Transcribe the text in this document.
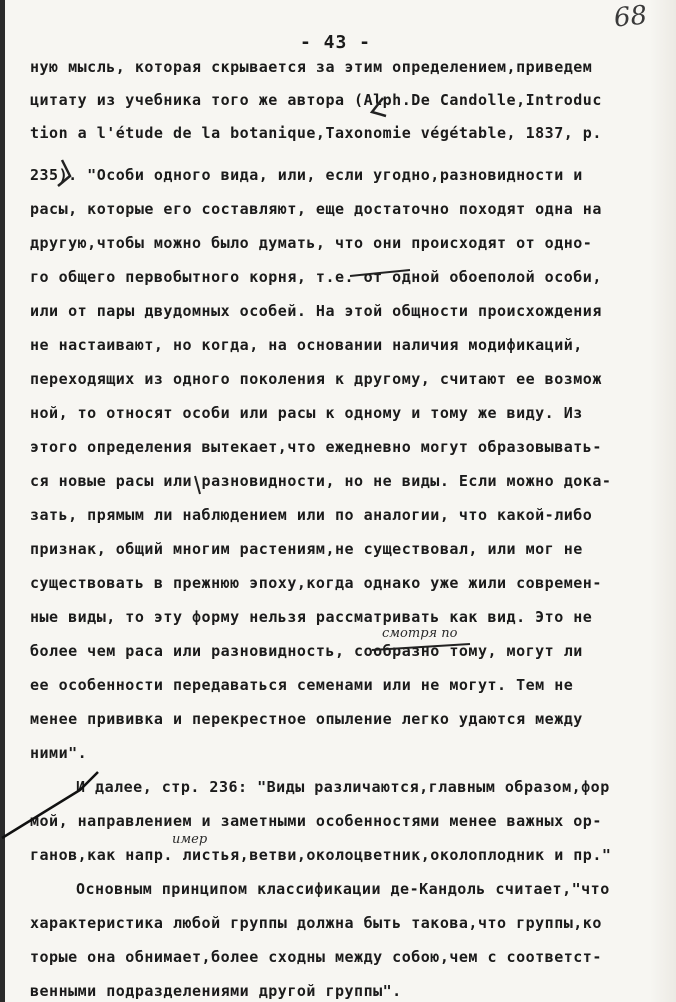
68
- 43 -
ную мысль, которая скрывается за этим определением,приведем
цитату из учебника того же автора (Alph.De Candolle,Introduc
tion a l'étude de la botanique,Taxonomie végétable, 1837, p.
235). "Особи одного вида, или, если угодно,разновидности и
расы, которые его составляют, еще достаточно походят одна на
другую,чтобы можно было думать, что они происходят от одно-
го общего первобытного корня, т.е. от одной обоеполой особи,
или от пары двудомных особей. На этой общности происхождения
не настаивают, но когда, на основании наличия модификаций,
переходящих из одного поколения к другому, считают ее возмож
ной, то относят особи или расы к одному и тому же виду. Из
этого определения вытекает,что ежедневно могут образовывать-
ся новые расы или разновидности, но не виды. Если можно дока-
зать, прямым ли наблюдением или по аналогии, что какой-либо
признак, общий многим растениям,не существовал, или мог не
существовать в прежнюю эпоху,когда однако уже жили современ-
ные виды, то эту форму нельзя рассматривать как вид. Это не
более чем раса или разновидность, сообразно тому, могут ли
ее особенности передаваться семенами или не могут. Тем не
менее прививка и перекрестное опыление легко удаются между
ними".
И далее, стр. 236: "Виды различаются,главным образом,фор
мой, направлением и заметными особенностями менее важных ор-
ганов,как напр. листья,ветви,околоцветник,околоплодник и пр."
Основным принципом классификации де-Кандоль считает,"что
характеристика любой группы должна быть такова,что группы,ко
торые она обнимает,более сходны между собою,чем с соответст-
венными подразделениями другой группы".
смотря по
имер
